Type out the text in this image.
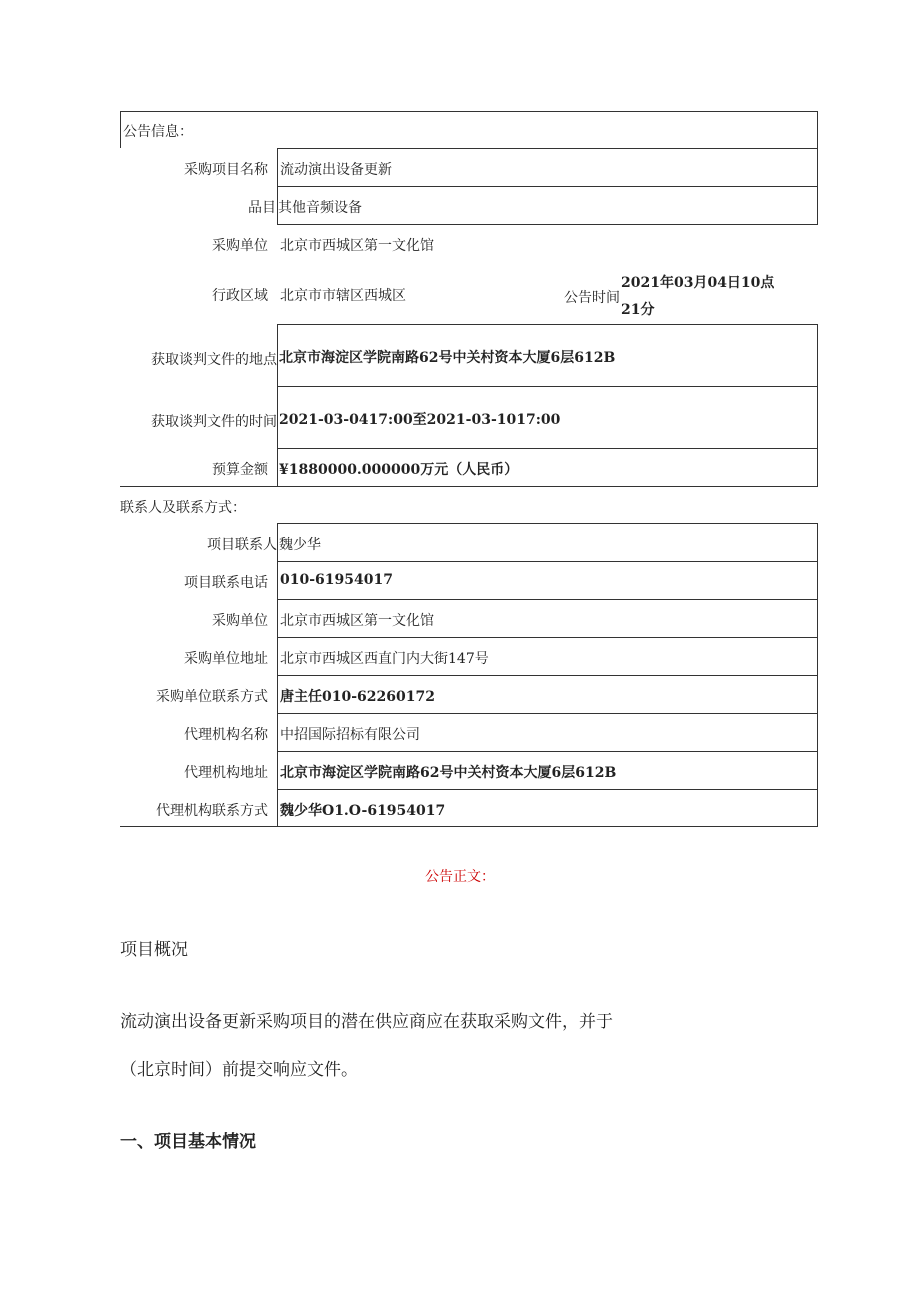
公告信息：
采购项目名称 流动演出设备更新
品目 其他音频设备
采购单位 北京市西城区第一文化馆
行政区域 北京市市辖区西城区	公告时间
2021年03月04日10点
21分
获取谈判文件的地点 北京市海淀区学院南路62号中关村资本大厦6层612B
获取谈判文件的时间 2021-03-0417:00至2021-03-1017:00
预算金额 ¥1880000.000000万元（人民币）
联系人及联系方式：
项目联系人 魏少华
项目联系电话 010-61954017
采购单位 北京市西城区第一文化馆
采购单位地址 北京市西城区西直门内大街147号
采购单位联系方式 唐主任010-62260172
代理机构名称 中招国际招标有限公司
代理机构地址 北京市海淀区学院南路62号中关村资本大厦6层612B
代理机构联系方式 魏少华O1.O-61954017
公告正文：
项目概况
流动演出设备更新采购项目的潜在供应商应在获取采购文件，并于
（北京时间）前提交响应文件。
一、项目基本情况
